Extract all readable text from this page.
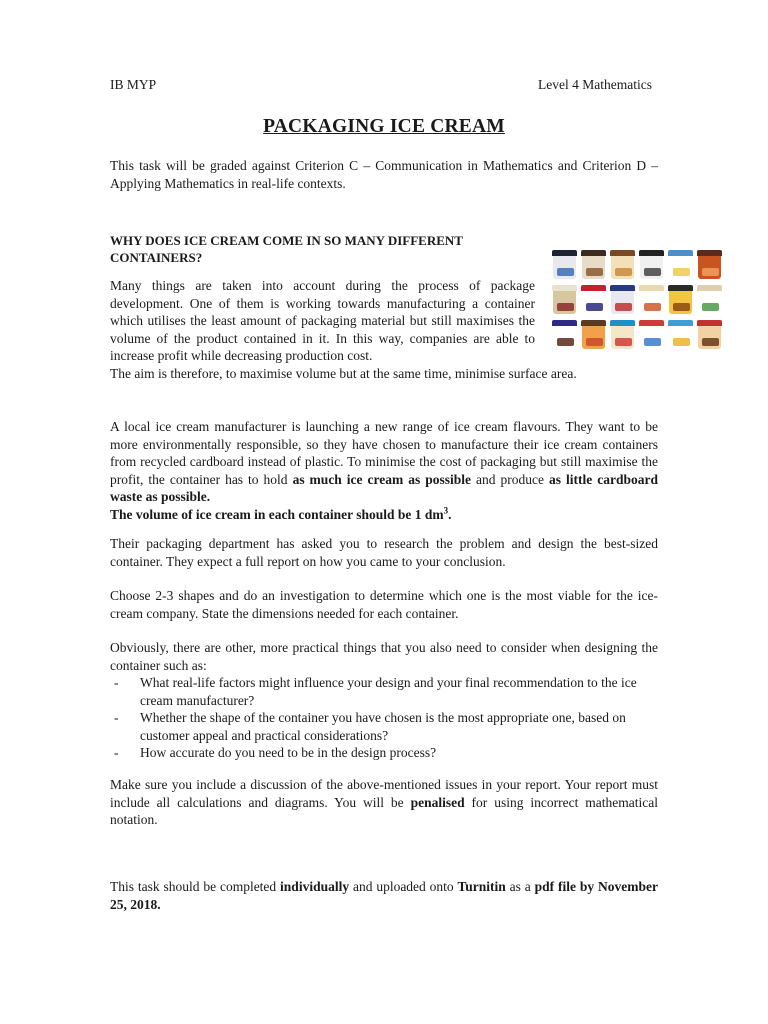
IB MYP	Level 4 Mathematics
PACKAGING ICE CREAM

This task will be graded against Criterion C – Communication in Mathematics and Criterion D – Applying Mathematics in real-life contexts.

WHY DOES ICE CREAM COME IN SO MANY DIFFERENT CONTAINERS?

Many things are taken into account during the process of package development. One of them is working towards manufacturing a container which utilises the least amount of packaging material but still maximises the volume of the product contained in it. In this way, companies are able to increase profit while decreasing production cost.
The aim is therefore, to maximise volume but at the same time, minimise surface area.

A local ice cream manufacturer is launching a new range of ice cream flavours. They want to be more environmentally responsible, so they have chosen to manufacture their ice cream containers from recycled cardboard instead of plastic. To minimise the cost of packaging but still maximise the profit, the container has to hold as much ice cream as possible and produce as little cardboard waste as possible.
The volume of ice cream in each container should be 1 $dm^3$.

Their packaging department has asked you to research the problem and design the best-sized container. They expect a full report on how you came to your conclusion.

Choose 2-3 shapes and do an investigation to determine which one is the most viable for the ice-cream company. State the dimensions needed for each container.

Obviously, there are other, more practical things that you also need to consider when designing the container such as:

- What real-life factors might influence your design and your final recommendation to the ice cream manufacturer?
- Whether the shape of the container you have chosen is the most appropriate one, based on customer appeal and practical considerations?
- How accurate do you need to be in the design process?

Make sure you include a discussion of the above-mentioned issues in your report. Your report must include all calculations and diagrams. You will be penalised for using incorrect mathematical notation.

This task should be completed individually and uploaded onto Turnitin as a pdf file by November 25, 2018.
